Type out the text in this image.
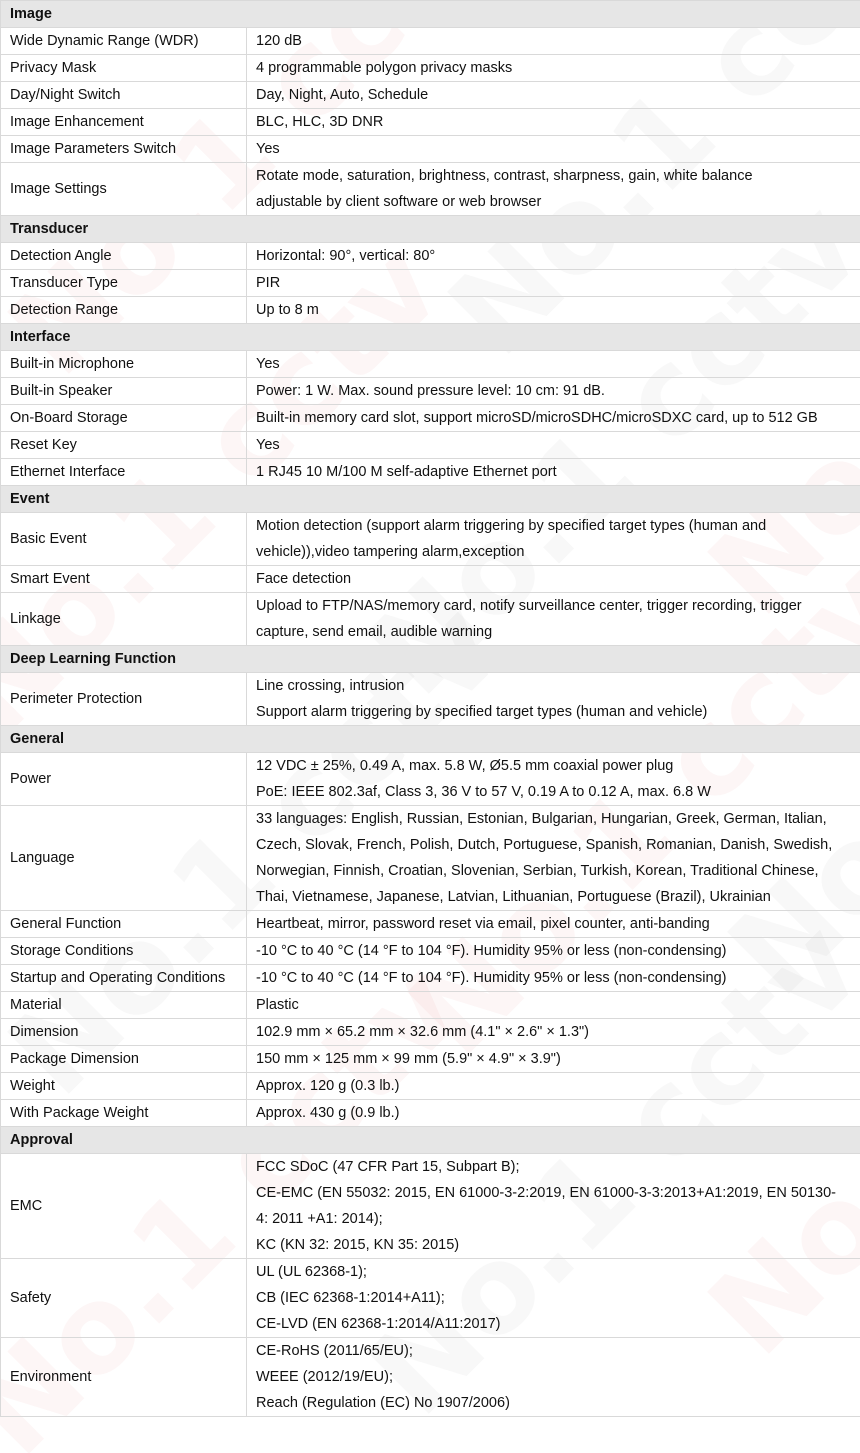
Image	
Wide Dynamic Range (WDR)	120 dB

Privacy Mask	4 programmable polygon privacy masks

Day/Night Switch	Day, Night, Auto, Schedule

Image Enhancement	BLC, HLC, 3D DNR

Image Parameters Switch	Yes

Image Settings	Rotate mode, saturation, brightness, contrast, sharpness, gain, white balance
adjustable by client software or web browser

Transducer	
Detection Angle	Horizontal: 90°, vertical: 80°

Transducer Type	PIR

Detection Range	Up to 8 m

Interface	
Built-in Microphone	Yes

Built-in Speaker	Power: 1 W. Max. sound pressure level: 10 cm: 91 dB.

On-Board Storage	Built-in memory card slot, support microSD/microSDHC/microSDXC card, up to 512 GB

Reset Key	Yes

Ethernet Interface	1 RJ45 10 M/100 M self-adaptive Ethernet port

Event	
Basic Event	Motion detection (support alarm triggering by specified target types (human and
vehicle)),video tampering alarm,exception

Smart Event	Face detection

Linkage	Upload to FTP/NAS/memory card, notify surveillance center, trigger recording, trigger
capture, send email, audible warning

Deep Learning Function	
Perimeter Protection	Line crossing, intrusion
Support alarm triggering by specified target types (human and vehicle)

General	
Power	12 VDC ± 25%, 0.49 A, max. 5.8 W, Ø5.5 mm coaxial power plug
PoE: IEEE 802.3af, Class 3, 36 V to 57 V, 0.19 A to 0.12 A, max. 6.8 W

Language	33 languages: English, Russian, Estonian, Bulgarian, Hungarian, Greek, German, Italian,
Czech, Slovak, French, Polish, Dutch, Portuguese, Spanish, Romanian, Danish, Swedish,
Norwegian, Finnish, Croatian, Slovenian, Serbian, Turkish, Korean, Traditional Chinese,
Thai, Vietnamese, Japanese, Latvian, Lithuanian, Portuguese (Brazil), Ukrainian

General Function	Heartbeat, mirror, password reset via email, pixel counter, anti-banding

Storage Conditions	-10 °C to 40 °C (14 °F to 104 °F). Humidity 95% or less (non-condensing)

Startup and Operating Conditions	-10 °C to 40 °C (14 °F to 104 °F). Humidity 95% or less (non-condensing)

Material	Plastic

Dimension	102.9 mm × 65.2 mm × 32.6 mm (4.1" × 2.6" × 1.3")

Package Dimension	150 mm × 125 mm × 99 mm (5.9" × 4.9" × 3.9")

Weight	Approx. 120 g (0.3 lb.)

With Package Weight	Approx. 430 g (0.9 lb.)

Approval	
EMC	FCC SDoC (47 CFR Part 15, Subpart B);
CE-EMC (EN 55032: 2015, EN 61000-3-2:2019, EN 61000-3-3:2013+A1:2019, EN 50130-
4: 2011 +A1: 2014);
KC (KN 32: 2015, KN 35: 2015)

Safety	UL (UL 62368-1);
CB (IEC 62368-1:2014+A11);
CE-LVD (EN 62368-1:2014/A11:2017)

Environment	CE-RoHS (2011/65/EU);
WEEE (2012/19/EU);
Reach (Regulation (EC) No 1907/2006)
